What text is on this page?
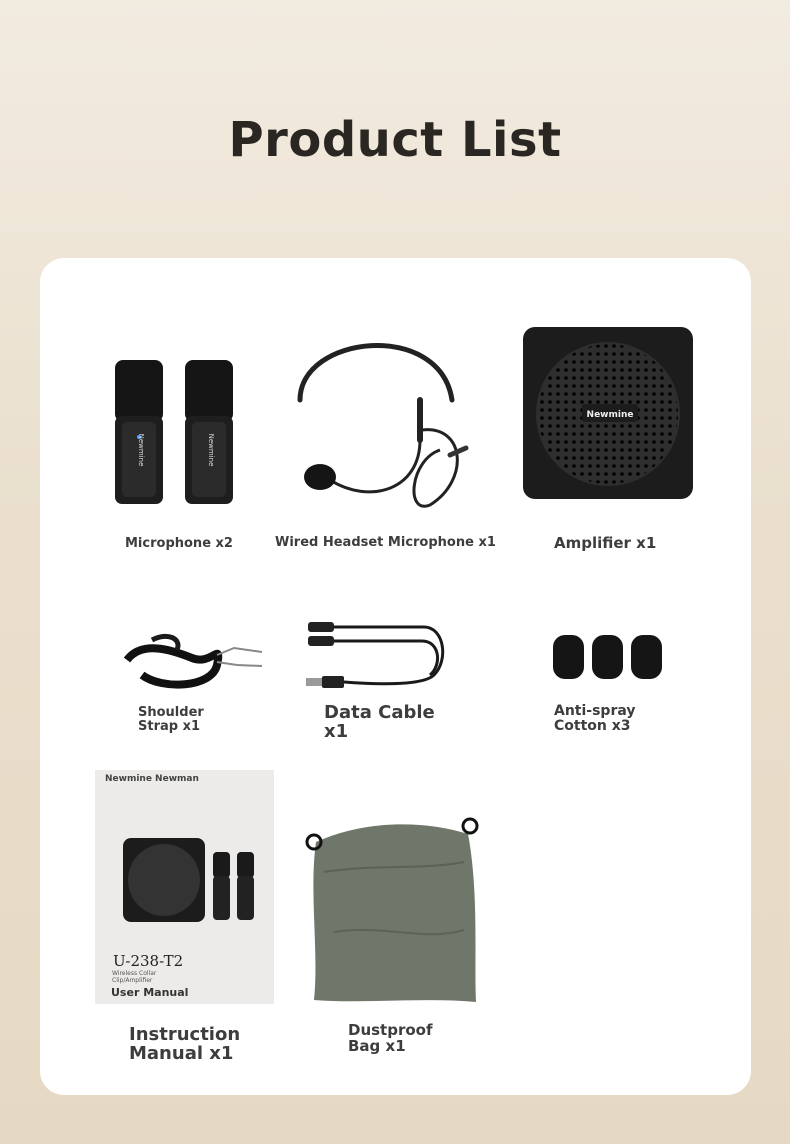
Product List
Newmine	Newmine
Microphone x2	Wired Headset Microphone x1
Newmine
Amplifier x1
Shoulder
Strap x1
Data Cable
x1
Anti-spray
Cotton x3
Newmine Newman
U-238-T2
Wireless Collar
Clip/Amplifier
User Manual
Instruction
Manual x1
Dustproof
Bag x1
